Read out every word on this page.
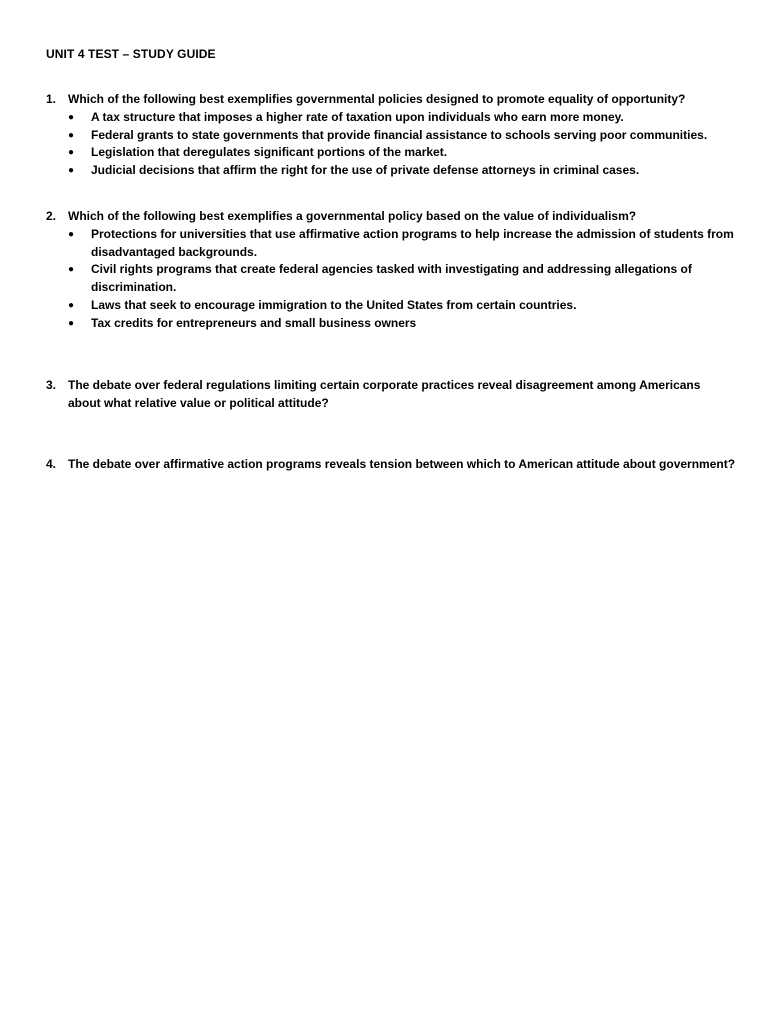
UNIT 4 TEST – STUDY GUIDE
1. Which of the following best exemplifies governmental policies designed to promote equality of opportunity?
●	A tax structure that imposes a higher rate of taxation upon individuals who earn more money.
●	Federal grants to state governments that provide financial assistance to schools serving poor communities.
●	Legislation that deregulates significant portions of the market.
●	Judicial decisions that affirm the right for the use of private defense attorneys in criminal cases.
2. Which of the following best exemplifies a governmental policy based on the value of individualism?
●	Protections for universities that use affirmative action programs to help increase the admission of students from disadvantaged backgrounds.
●	Civil rights programs that create federal agencies tasked with investigating and addressing allegations of discrimination.
●	Laws that seek to encourage immigration to the United States from certain countries.
●	Tax credits for entrepreneurs and small business owners
3. The debate over federal regulations limiting certain corporate practices reveal disagreement among Americans about what relative value or political attitude?
4. The debate over affirmative action programs reveals tension between which to American attitude about government?
